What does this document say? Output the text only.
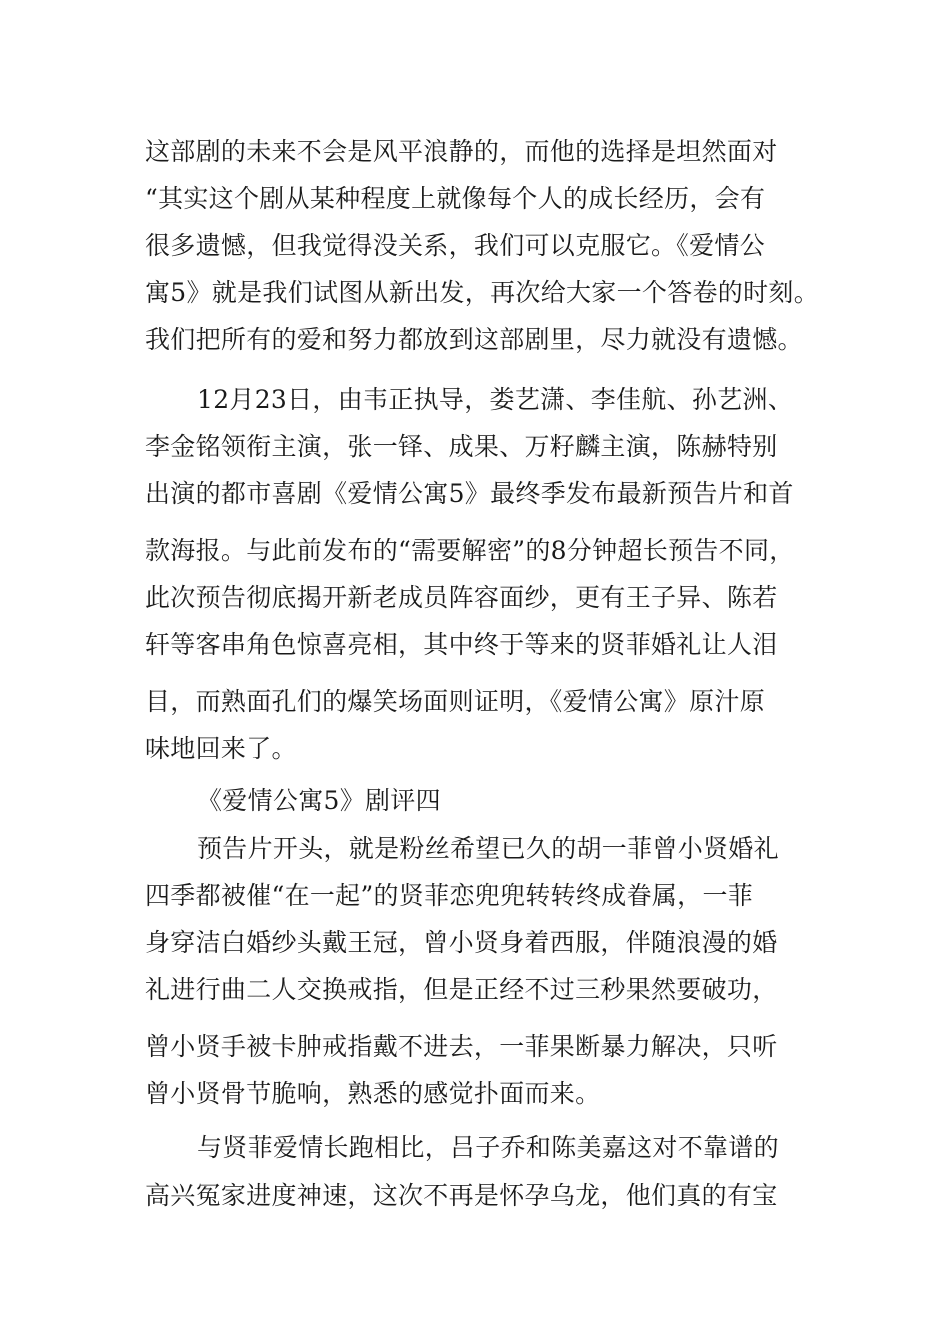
这部剧的未来不会是风平浪静的，而他的选择是坦然面对
“其实这个剧从某种程度上就像每个人的成长经历，会有
很多遗憾，但我觉得没关系，我们可以克服它。《爱情公
寓5》就是我们试图从新出发，再次给大家一个答卷的时刻。
我们把所有的爱和努力都放到这部剧里，尽力就没有遗憾。
12月23日，由韦正执导，娄艺潇、李佳航、孙艺洲、
李金铭领衔主演，张一铎、成果、万籽麟主演，陈赫特别
出演的都市喜剧《爱情公寓5》最终季发布最新预告片和首
款海报。与此前发布的“需要解密”的8分钟超长预告不同，
此次预告彻底揭开新老成员阵容面纱，更有王子异、陈若
轩等客串角色惊喜亮相，其中终于等来的贤菲婚礼让人泪
目，而熟面孔们的爆笑场面则证明，《爱情公寓》原汁原
味地回来了。
《爱情公寓5》剧评四
预告片开头，就是粉丝希望已久的胡一菲曾小贤婚礼
四季都被催“在一起”的贤菲恋兜兜转转终成眷属，一菲
身穿洁白婚纱头戴王冠，曾小贤身着西服，伴随浪漫的婚
礼进行曲二人交换戒指，但是正经不过三秒果然要破功，
曾小贤手被卡肿戒指戴不进去，一菲果断暴力解决，只听
曾小贤骨节脆响，熟悉的感觉扑面而来。
与贤菲爱情长跑相比，吕子乔和陈美嘉这对不靠谱的
高兴冤家进度神速，这次不再是怀孕乌龙，他们真的有宝
